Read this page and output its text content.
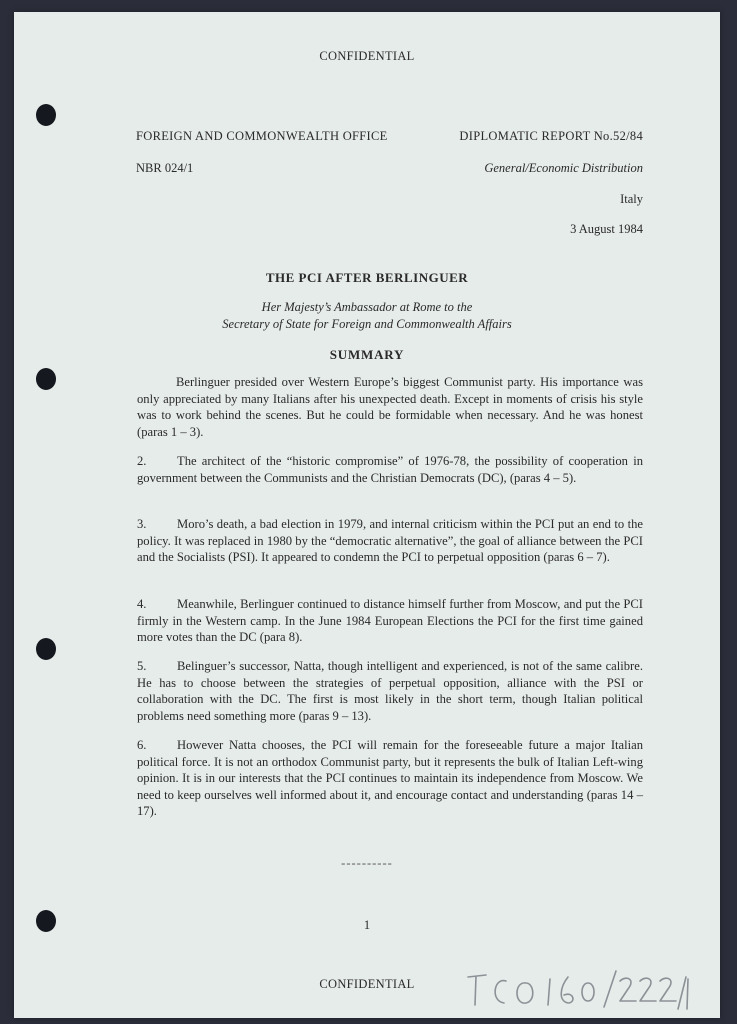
CONFIDENTIAL
FOREIGN AND COMMONWEALTH OFFICE	DIPLOMATIC REPORT No.52/84
NBR 024/1	General/Economic Distribution
Italy
3 August 1984
THE PCI AFTER BERLINGUER
Her Majesty’s Ambassador at Rome to the
Secretary of State for Foreign and Commonwealth Affairs
SUMMARY
Berlinguer presided over Western Europe’s biggest Communist party. His importance was only appreciated by many Italians after his unexpected death. Except in moments of crisis his style was to work behind the scenes. But he could be formidable when necessary. And he was honest (paras 1 – 3).
2. The architect of the “historic compromise” of 1976-78, the possibility of cooperation in government between the Communists and the Christian Democrats (DC), (paras 4 – 5).
3. Moro’s death, a bad election in 1979, and internal criticism within the PCI put an end to the policy. It was replaced in 1980 by the “democratic alternative”, the goal of alliance between the PCI and the Socialists (PSI). It appeared to condemn the PCI to perpetual opposition (paras 6 – 7).
4. Meanwhile, Berlinguer continued to distance himself further from Moscow, and put the PCI firmly in the Western camp. In the June 1984 European Elections the PCI for the first time gained more votes than the DC (para 8).
5. Belinguer’s successor, Natta, though intelligent and experienced, is not of the same calibre. He has to choose between the strategies of perpetual opposition, alliance with the PSI or collaboration with the DC. The first is most likely in the short term, though Italian political problems need something more (paras 9 – 13).
6. However Natta chooses, the PCI will remain for the foreseeable future a major Italian political force. It is not an orthodox Communist party, but it represents the bulk of Italian Left-wing opinion. It is in our interests that the PCI continues to maintain its independence from Moscow. We need to keep ourselves well informed about it, and encourage contact and understanding (paras 14 – 17).
----------
1
CONFIDENTIAL
